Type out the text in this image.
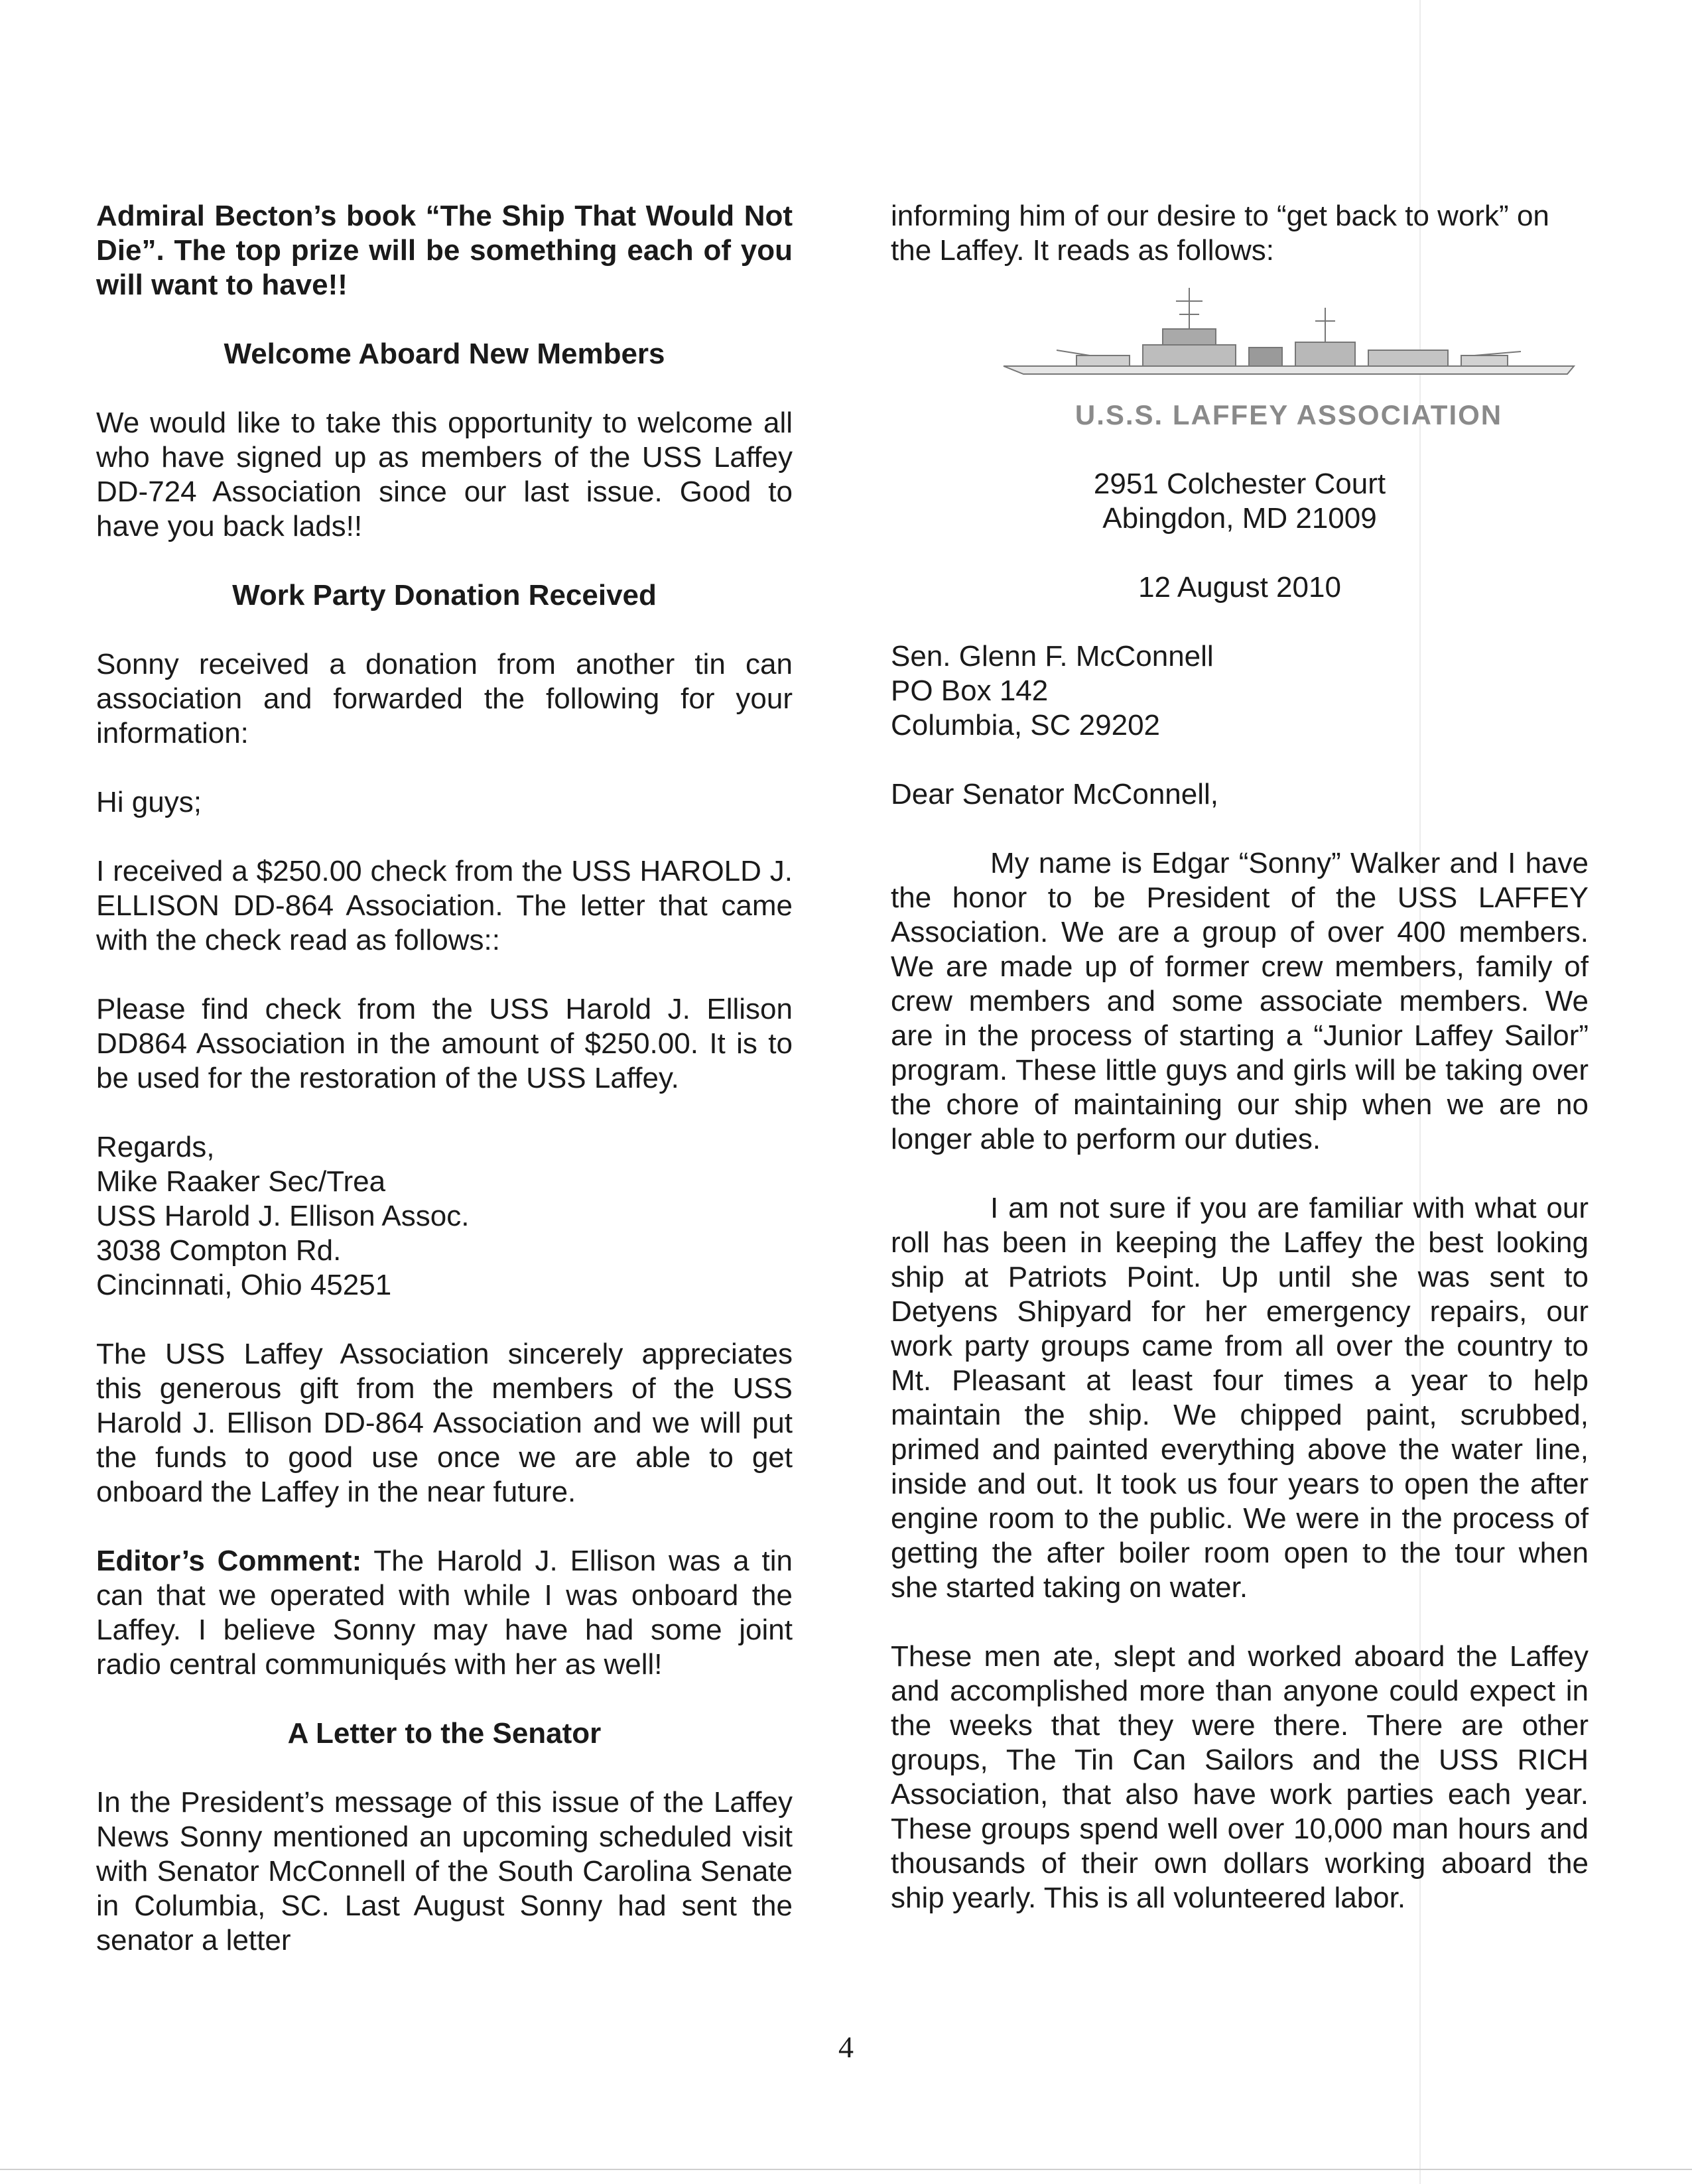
Admiral Becton’s book “The Ship That Would Not Die”. The top prize will be something each of you will want to have!!

Welcome Aboard New Members

We would like to take this opportunity to welcome all who have signed up as members of the USS Laffey DD-724 Association since our last issue. Good to have you back lads!!

Work Party Donation Received

Sonny received a donation from another tin can association and forwarded the following for your information:

Hi guys;

I received a $250.00 check from the USS HAROLD J. ELLISON DD-864 Association. The letter that came with the check read as follows::

Please find check from the USS Harold J. Ellison DD864 Association in the amount of $250.00. It is to be used for the restoration of the USS Laffey.

Regards,

Mike Raaker Sec/Trea

USS Harold J. Ellison Assoc.

3038 Compton Rd.

Cincinnati, Ohio 45251

The USS Laffey Association sincerely appreciates this generous gift from the members of the USS Harold J. Ellison DD-864 Association and we will put the funds to good use once we are able to get onboard the Laffey in the near future.

Editor’s Comment: The Harold J. Ellison was a tin can that we operated with while I was onboard the Laffey. I believe Sonny may have had some joint radio central communiqués with her as well!

A Letter to the Senator

In the President’s message of this issue of the Laffey News Sonny mentioned an upcoming scheduled visit with Senator McConnell of the South Carolina Senate in Columbia, SC. Last August Sonny had sent the senator a letter

informing him of our desire to “get back to work” on the Laffey. It reads as follows:

U.S.S. LAFFEY ASSOCIATION

2951 Colchester Court

Abingdon, MD 21009

12 August 2010

Sen. Glenn F. McConnell

PO Box 142

Columbia, SC 29202

Dear Senator McConnell,

My name is Edgar “Sonny” Walker and I have the honor to be President of the USS LAFFEY Association. We are a group of over 400 members. We are made up of former crew members, family of crew members and some associate members. We are in the process of starting a “Junior Laffey Sailor” program. These little guys and girls will be taking over the chore of maintaining our ship when we are no longer able to perform our duties.

I am not sure if you are familiar with what our roll has been in keeping the Laffey the best looking ship at Patriots Point. Up until she was sent to Detyens Shipyard for her emergency repairs, our work party groups came from all over the country to Mt. Pleasant at least four times a year to help maintain the ship. We chipped paint, scrubbed, primed and painted everything above the water line, inside and out. It took us four years to open the after engine room to the public. We were in the process of getting the after boiler room open to the tour when she started taking on water.

These men ate, slept and worked aboard the Laffey and accomplished more than anyone could expect in the weeks that they were there. There are other groups, The Tin Can Sailors and the USS RICH Association, that also have work parties each year. These groups spend well over 10,000 man hours and thousands of their own dollars working aboard the ship yearly. This is all volunteered labor.

4
